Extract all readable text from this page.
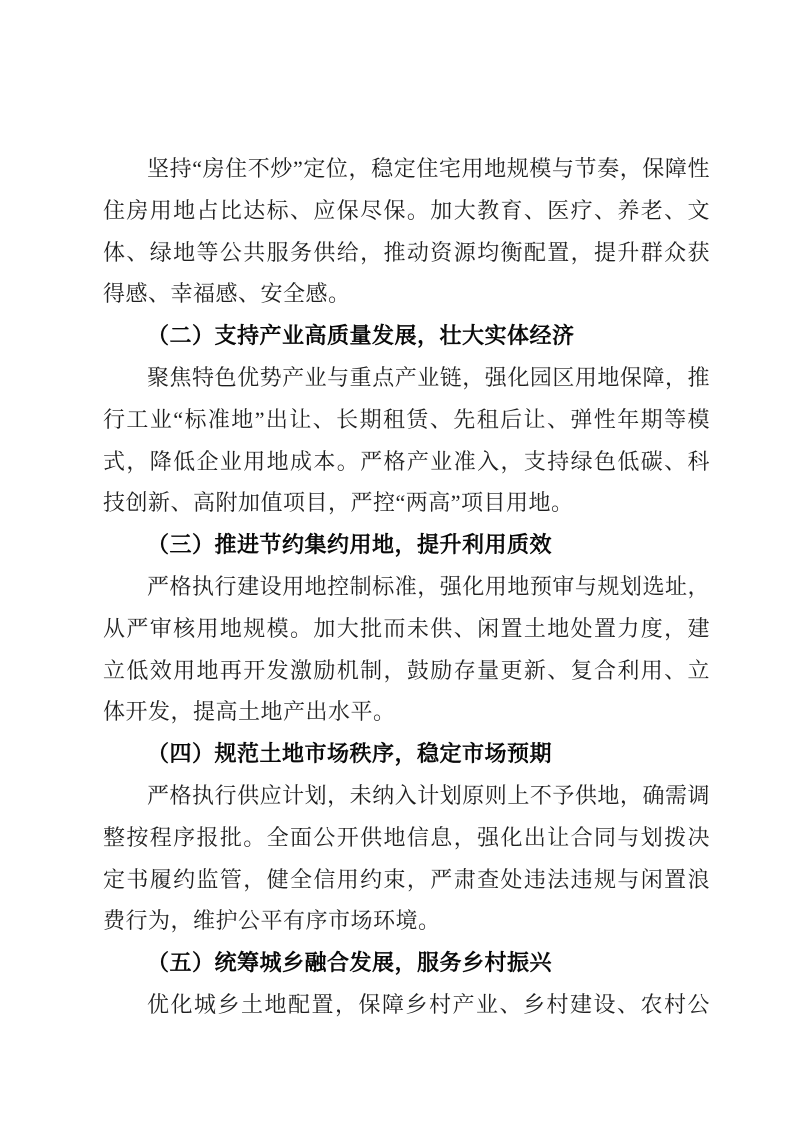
坚持“房住不炒”定位，稳定住宅用地规模与节奏，保障性住房用地占比达标、应保尽保。加大教育、医疗、养老、文体、绿地等公共服务供给，推动资源均衡配置，提升群众获得感、幸福感、安全感。

（二）支持产业高质量发展，壮大实体经济

聚焦特色优势产业与重点产业链，强化园区用地保障，推行工业“标准地”出让、长期租赁、先租后让、弹性年期等模式，降低企业用地成本。严格产业准入，支持绿色低碳、科技创新、高附加值项目，严控“两高”项目用地。

（三）推进节约集约用地，提升利用质效

严格执行建设用地控制标准，强化用地预审与规划选址，从严审核用地规模。加大批而未供、闲置土地处置力度，建立低效用地再开发激励机制，鼓励存量更新、复合利用、立体开发，提高土地产出水平。

（四）规范土地市场秩序，稳定市场预期

严格执行供应计划，未纳入计划原则上不予供地，确需调整按程序报批。全面公开供地信息，强化出让合同与划拨决定书履约监管，健全信用约束，严肃查处违法违规与闲置浪费行为，维护公平有序市场环境。

（五）统筹城乡融合发展，服务乡村振兴

优化城乡土地配置，保障乡村产业、乡村建设、农村公
